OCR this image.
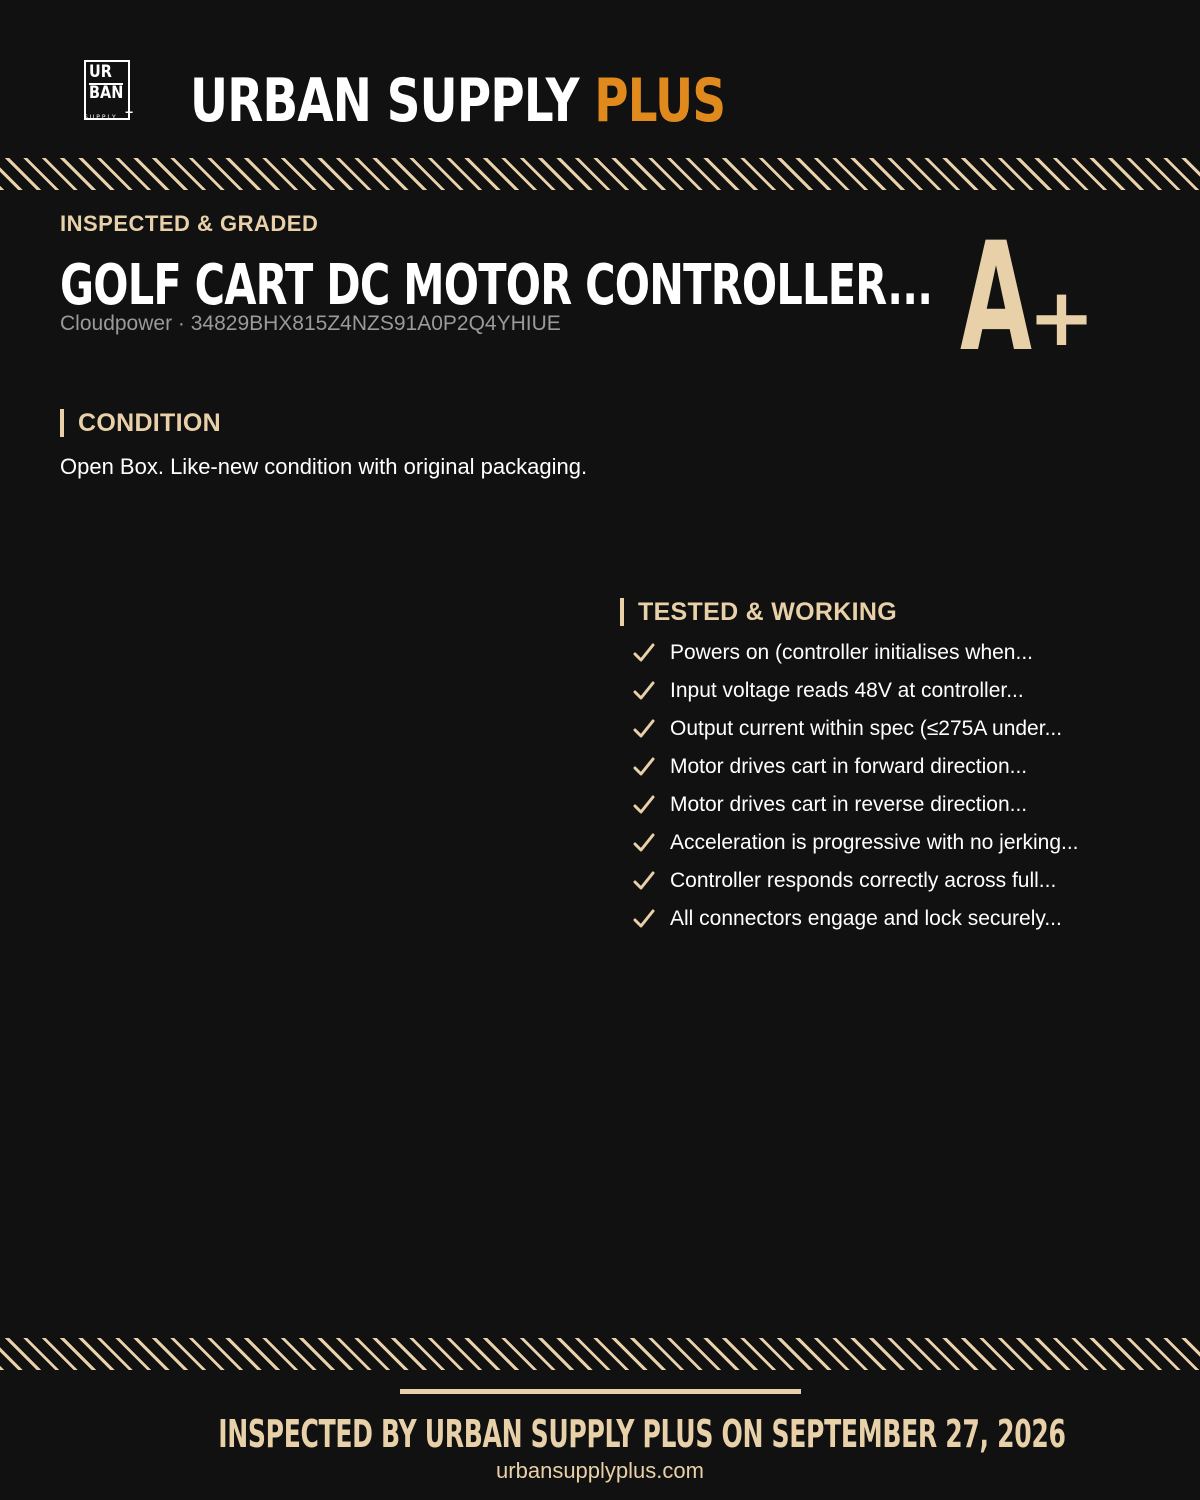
UR
BAN
SUPPLY + URBAN SUPPLY PLUS
INSPECTED & GRADED
GOLF CART DC MOTOR CONTROLLER...
Cloudpower · 34829BHX815Z4NZS91A0P2Q4YHIUE	A
+
CONDITION
Open Box. Like-new condition with original packaging.
TESTED & WORKING
Powers on (controller initialises when...
Input voltage reads 48V at controller...
Output current within spec (≤275A under...
Motor drives cart in forward direction...
Motor drives cart in reverse direction...
Acceleration is progressive with no jerking...
Controller responds correctly across full...
All connectors engage and lock securely...
INSPECTED BY URBAN SUPPLY PLUS ON SEPTEMBER 27, 2026
urbansupplyplus.com
